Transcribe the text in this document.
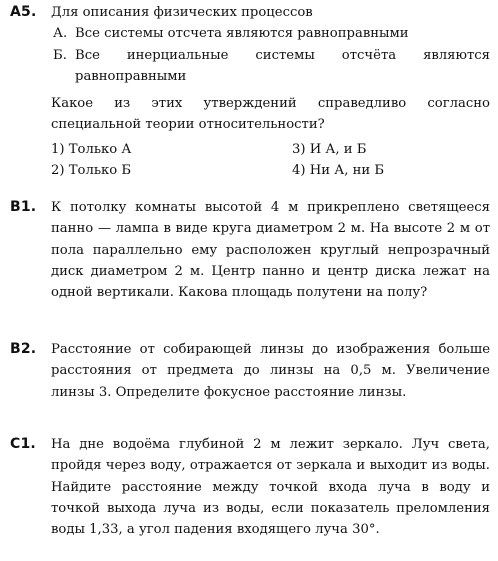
А5. Для описания физических процессов

А. Все системы отсчета являются равноправными
Б. Все инерциальные системы отсчёта являются равноправными

Какое из этих утверждений справедливо согласно специальной теории относительности?

1) Только А	3) И А, и Б
2) Только Б	4) Ни А, ни Б
В1. К потолку комнаты высотой 4 м прикреплено светящееся панно — лампа в виде круга диаметром 2 м. На высоте 2 м от пола параллельно ему расположен круглый непрозрачный диск диаметром 2 м. Центр панно и центр диска лежат на одной вертикали. Какова площадь полутени на полу?

В2. Расстояние от собирающей линзы до изображения больше расстояния от предмета до линзы на 0,5 м. Увеличение линзы 3. Определите фокусное расстояние линзы.

С1. На дне водоёма глубиной 2 м лежит зеркало. Луч света, пройдя через воду, отражается от зеркала и выходит из воды. Найдите расстояние между точкой входа луча в воду и точкой выхода луча из воды, если показатель преломления воды 1,33, а угол падения входящего луча 30°.
